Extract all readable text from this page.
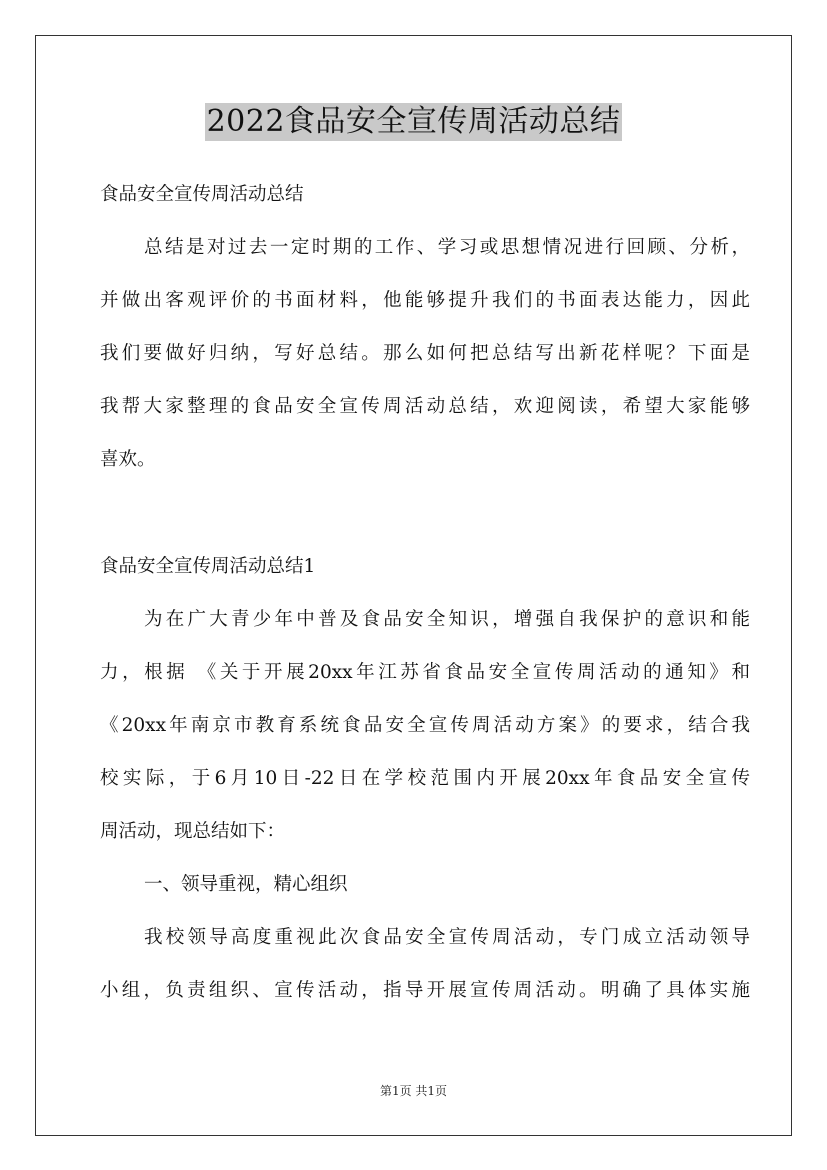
2022食品安全宣传周活动总结
食品安全宣传周活动总结
总结是对过去一定时期的工作、学习或思想情况进行回顾、分析，
并做出客观评价的书面材料，他能够提升我们的书面表达能力，因此
我们要做好归纳，写好总结。那么如何把总结写出新花样呢？下面是
我帮大家整理的食品安全宣传周活动总结，欢迎阅读，希望大家能够
喜欢。
食品安全宣传周活动总结1
为在广大青少年中普及食品安全知识，增强自我保护的意识和能
力，根据 《关于开展20xx年江苏省食品安全宣传周活动的通知》和
《20xx年南京市教育系统食品安全宣传周活动方案》的要求，结合我
校实际，于6月10日-22日在学校范围内开展20xx年食品安全宣传
周活动，现总结如下：
一、领导重视，精心组织
我校领导高度重视此次食品安全宣传周活动，专门成立活动领导
小组，负责组织、宣传活动，指导开展宣传周活动。明确了具体实施
第1页 共1页
